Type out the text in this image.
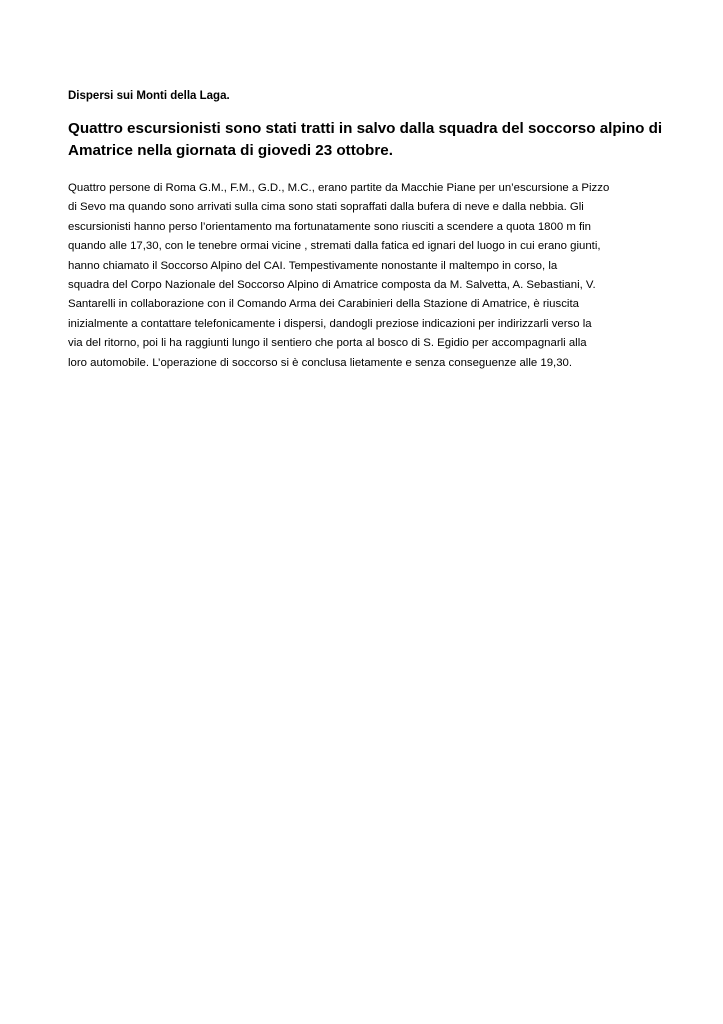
Dispersi sui Monti della Laga.
Quattro escursionisti sono stati tratti in salvo dalla squadra del soccorso alpino di
Amatrice nella giornata di giovedi 23 ottobre.
Quattro persone di Roma G.M., F.M., G.D., M.C., erano partite da Macchie Piane per un’escursione a Pizzo
di Sevo ma quando sono arrivati sulla cima sono stati sopraffati dalla bufera di neve e dalla nebbia. Gli
escursionisti hanno perso l’orientamento ma fortunatamente sono riusciti a scendere a quota 1800 m fin
quando alle 17,30, con le tenebre ormai vicine , stremati dalla fatica ed ignari del luogo in cui erano giunti,
hanno chiamato il Soccorso Alpino del CAI. Tempestivamente nonostante il maltempo in corso, la
squadra del Corpo Nazionale del Soccorso Alpino di Amatrice composta da M. Salvetta, A. Sebastiani, V.
Santarelli in collaborazione con il Comando Arma dei Carabinieri della Stazione di Amatrice, è riuscita
inizialmente a contattare telefonicamente i dispersi, dandogli preziose indicazioni per indirizzarli verso la
via del ritorno, poi li ha raggiunti lungo il sentiero che porta al bosco di S. Egidio per accompagnarli alla
loro automobile. L’operazione di soccorso si è conclusa lietamente e senza conseguenze alle 19,30.
